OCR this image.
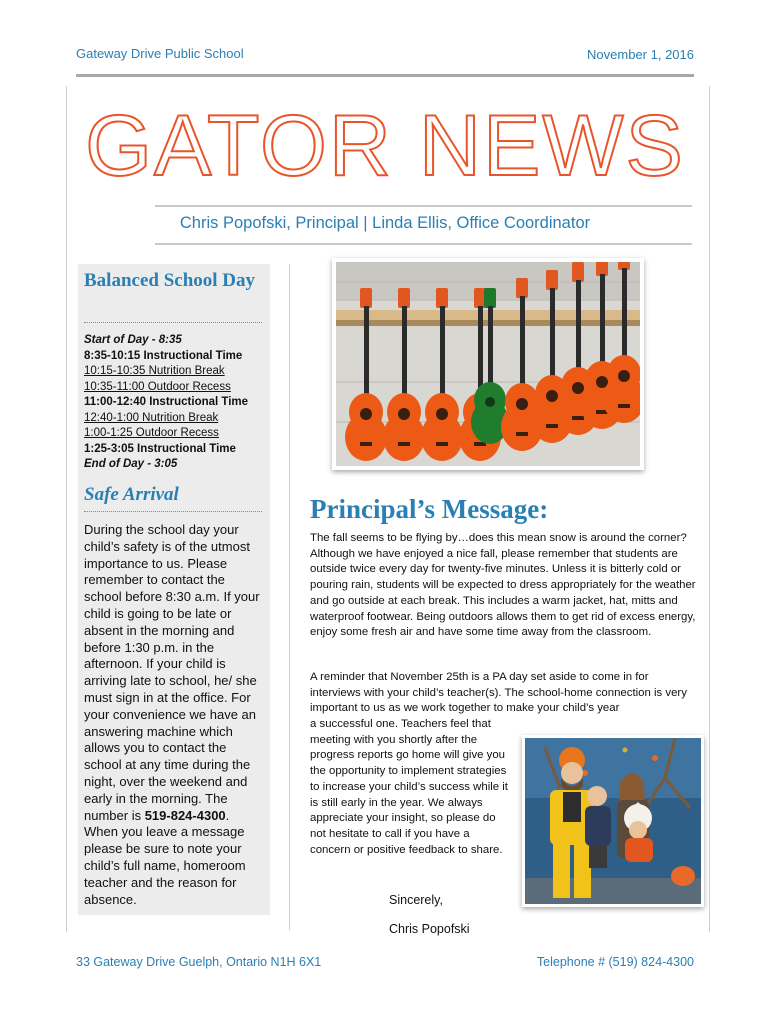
Gateway Drive Public School	November 1, 2016
GATOR NEWS
Chris Popofski, Principal | Linda Ellis, Office Coordinator
Balanced School Day
Start of Day - 8:35
8:35-10:15 Instructional Time
10:15-10:35 Nutrition Break
10:35-11:00 Outdoor Recess
11:00-12:40 Instructional Time
12:40-1:00 Nutrition Break
1:00-1:25 Outdoor Recess
1:25-3:05 Instructional Time
End of Day - 3:05
Safe Arrival
During the school day your child’s safety is of the utmost importance to us. Please remember to contact the school before 8:30 a.m. If your child is going to be late or absent in the morning and before 1:30 p.m. in the afternoon. If your child is arriving late to school, he/ she must sign in at the office. For your convenience we have an answering machine which allows you to contact the school at any time during the night, over the weekend and early in the morning. The number is 519-824-4300. When you leave a message please be sure to note your child’s full name, homeroom teacher and the reason for absence.
Principal’s Message:
The fall seems to be flying by…does this mean snow is around the corner? Although we have enjoyed a nice fall, please remember that students are outside twice every day for twenty-five minutes. Unless it is bitterly cold or pouring rain, students will be expected to dress appropriately for the weather and go outside at each break. This includes a warm jacket, hat, mitts and waterproof footwear. Being outdoors allows them to get rid of excess energy, enjoy some fresh air and have some time away from the classroom.
A reminder that November 25th is a PA day set aside to come in for interviews with your child’s teacher(s). The school-home connection is very important to us as we work together to make your child’s year
a successful one. Teachers feel that meeting with you shortly after the progress reports go home will give you the opportunity to implement strategies to increase your child’s success while it is still early in the year. We always appreciate your insight, so please do not hesitate to call if you have a concern or positive feedback to share.
Sincerely,
Chris Popofski
33 Gateway Drive Guelph, Ontario N1H 6X1	Telephone # (519) 824-4300
